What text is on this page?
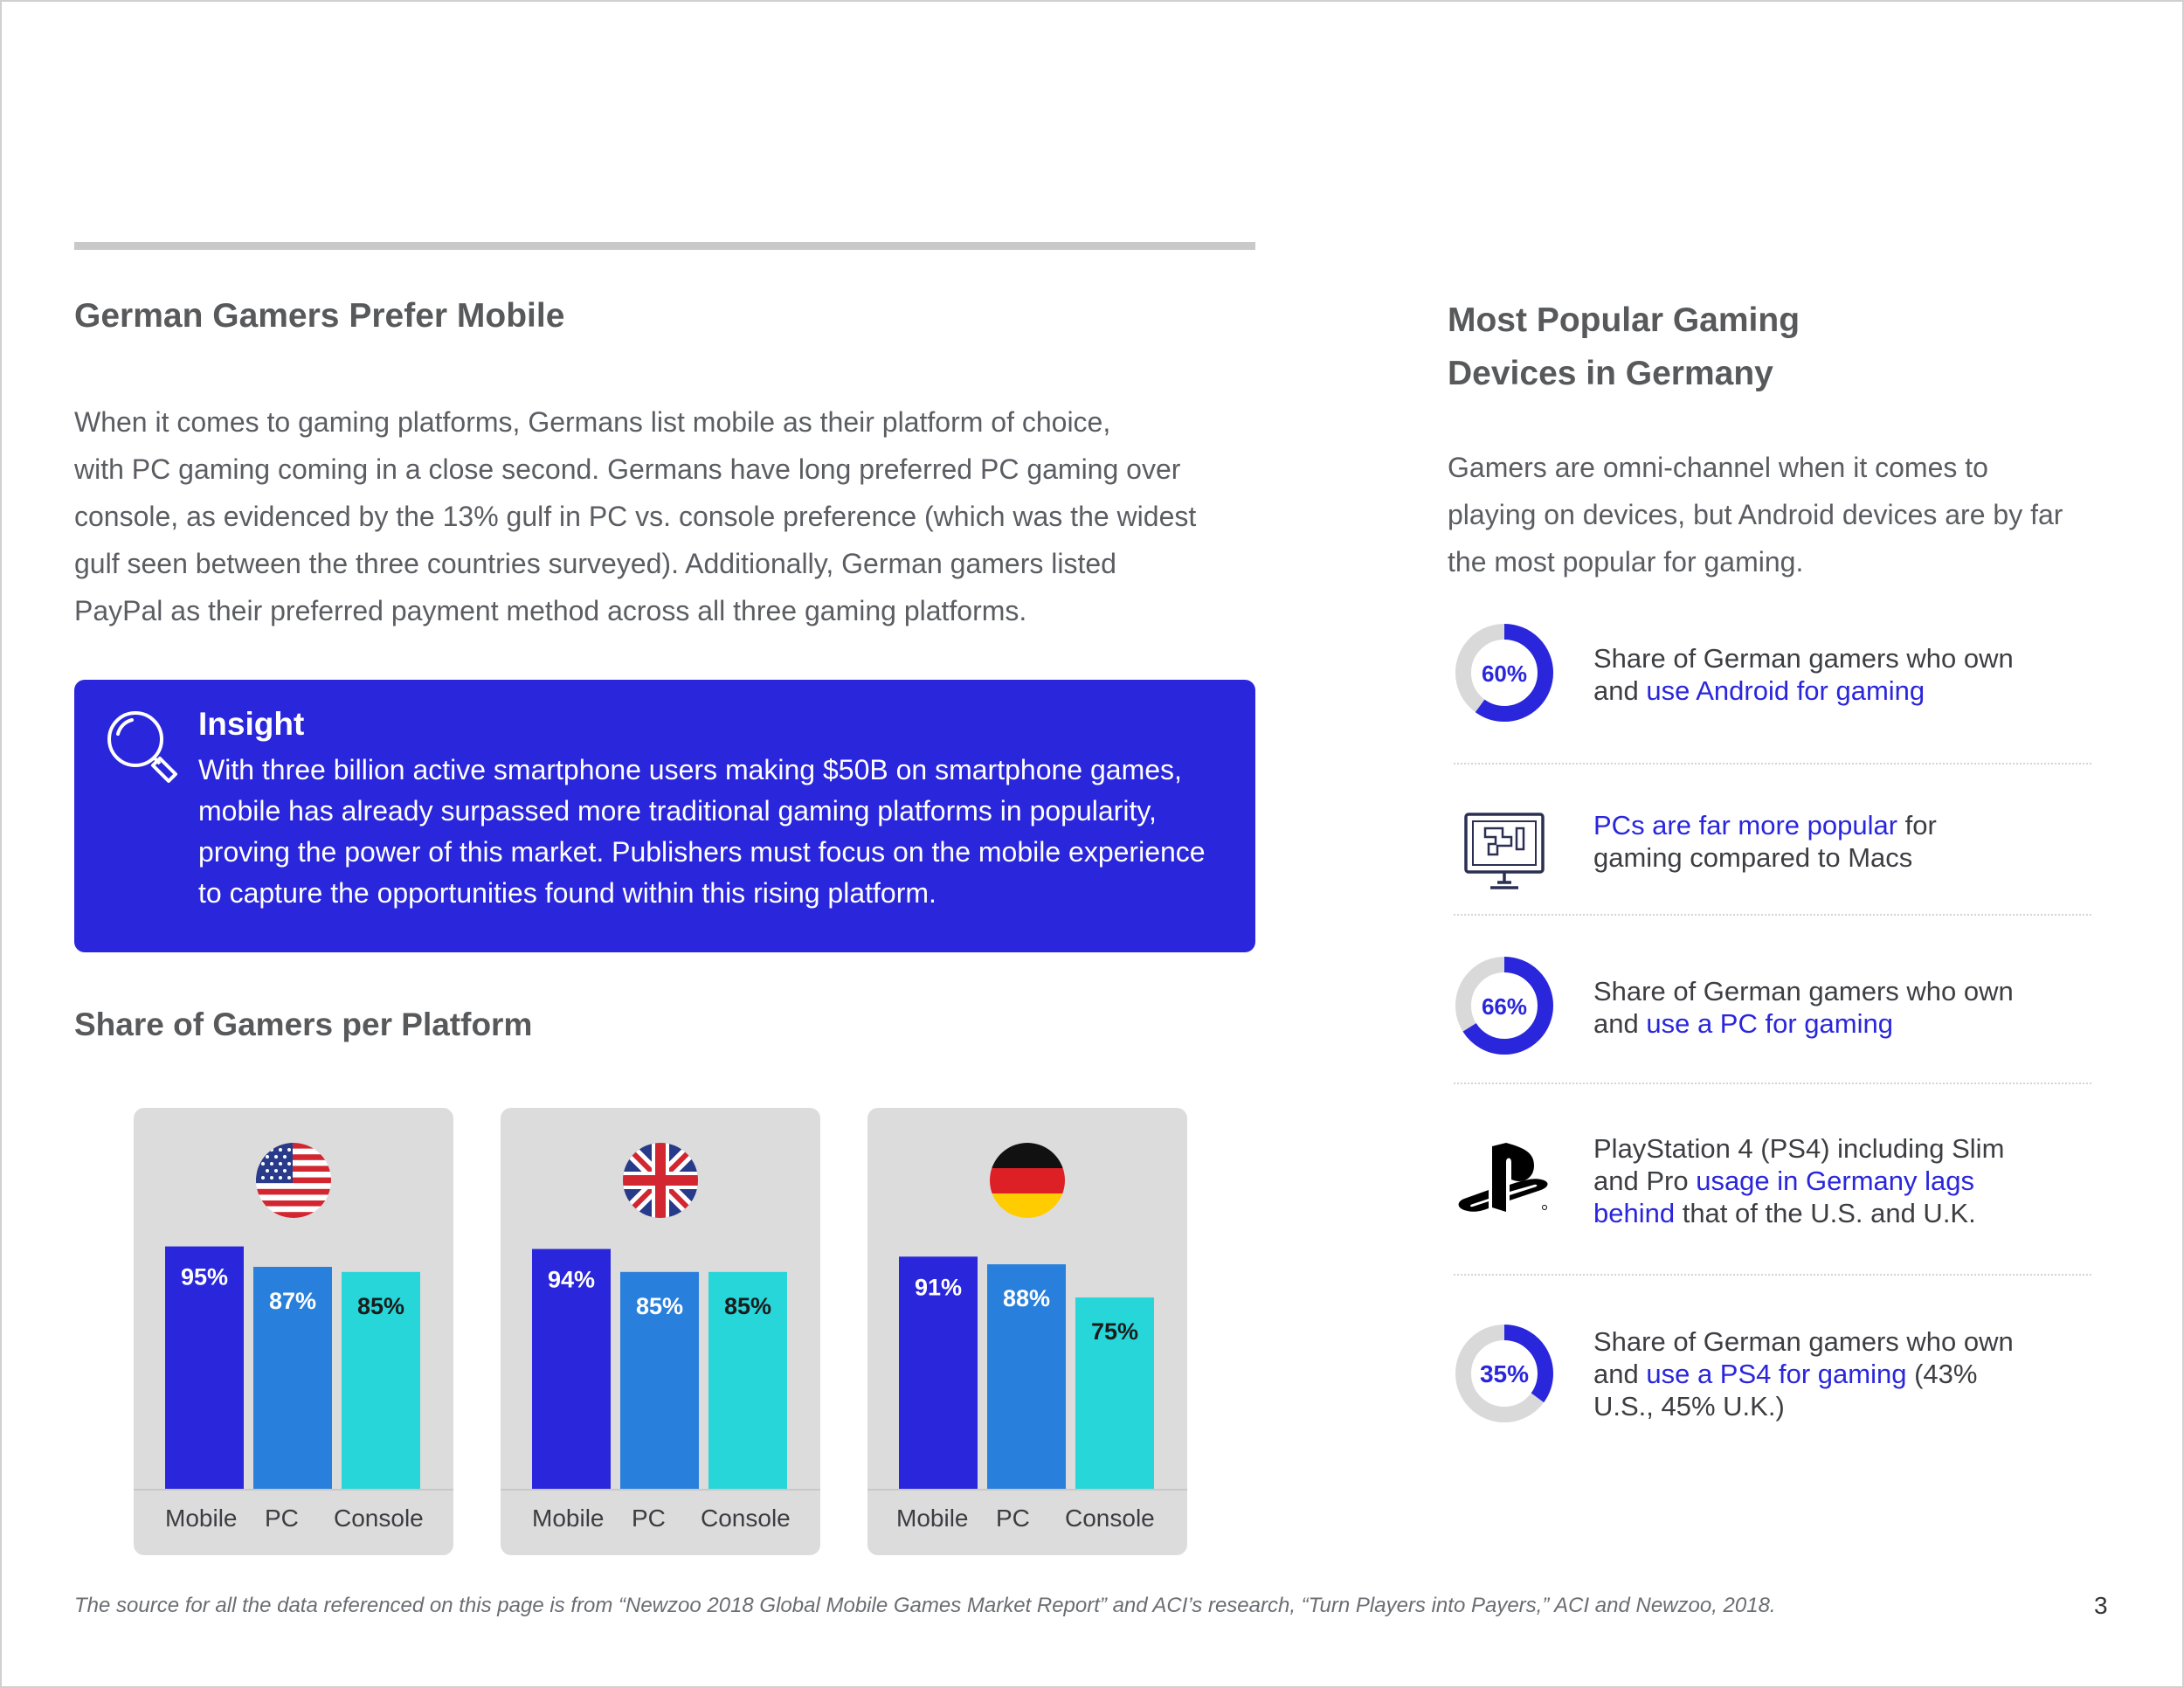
German Gamers Prefer Mobile
When it comes to gaming platforms, Germans list mobile as their platform of choice,
with PC gaming coming in a close second. Germans have long preferred PC gaming over
console, as evidenced by the 13% gulf in PC vs. console preference (which was the widest
gulf seen between the three countries surveyed). Additionally, German gamers listed
PayPal as their preferred payment method across all three gaming platforms.
Insight
With three billion active smartphone users making $50B on smartphone games,
mobile has already surpassed more traditional gaming platforms in popularity,
proving the power of this market. Publishers must focus on the mobile experience
to capture the opportunities found within this rising platform.
Share of Gamers per Platform
95%
87% 85%
Mobile PC Console
94%
85% 85%
Mobile PC Console
91% 88%
75%
Mobile PC Console
Most Popular Gaming
Devices in Germany
Gamers are omni-channel when it comes to
playing on devices, but Android devices are by far
the most popular for gaming.
60% Share of German gamers who own
and use Android for gaming
PCs are far more popular for
gaming compared to Macs
66% Share of German gamers who own
and use a PC for gaming
PlayStation 4 (PS4) including Slim
and Pro usage in Germany lags
behind that of the U.S. and U.K.
35%
Share of German gamers who own
and use a PS4 for gaming (43%
U.S., 45% U.K.)
The source for all the data referenced on this page is from “Newzoo 2018 Global Mobile Games Market Report” and ACI’s research, “Turn Players into Payers,” ACI and Newzoo, 2018.	3
